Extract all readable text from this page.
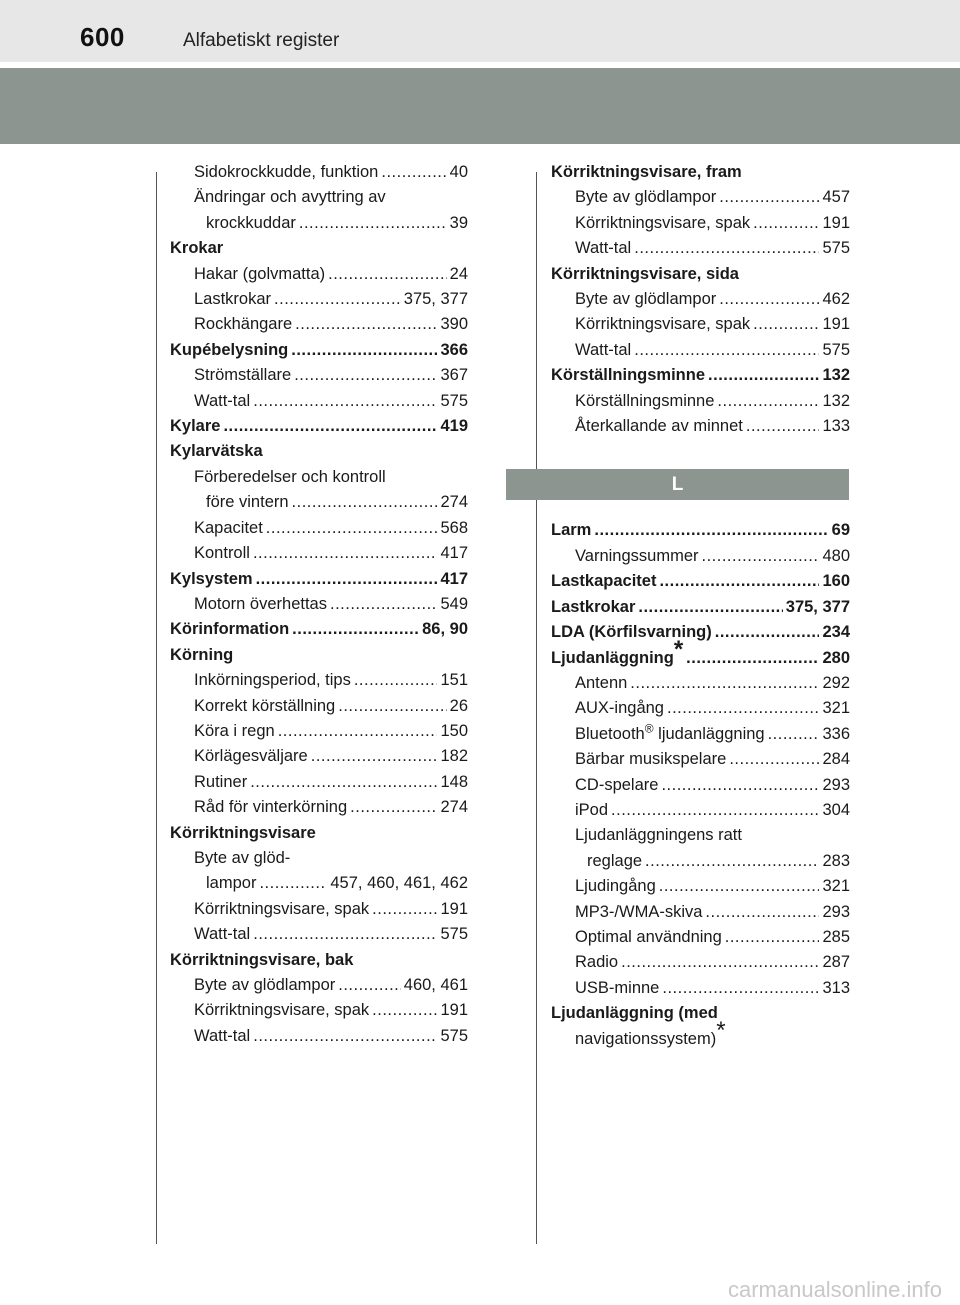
600	Alfabetiskt register
Sidokrockkudde, funktion .....	40
Ändringar och avyttring av
krockkuddar .....	39
Krokar
Hakar (golvmatta) .....	24
Lastkrokar .....	375, 377
Rockhängare .....	390
Kupébelysning .....	366
Strömställare .....	367
Watt-tal .....	575
Kylare .....	419
Kylarvätska
Förberedelser och kontroll
före vintern .....	274
Kapacitet .....	568
Kontroll .....	417
Kylsystem .....	417
Motorn överhettas .....	549
Körinformation .....	86, 90
Körning
Inkörningsperiod, tips .....	151
Korrekt körställning .....	26
Köra i regn .....	150
Körlägesväljare .....	182
Rutiner .....	148
Råd för vinterkörning .....	274
Körriktningsvisare
Byte av glöd-
lampor .....	457, 460, 461, 462
Körriktningsvisare, spak .....	191
Watt-tal .....	575
Körriktningsvisare, bak
Byte av glödlampor .....	460, 461
Körriktningsvisare, spak .....	191
Watt-tal .....	575
Körriktningsvisare, fram
Byte av glödlampor .....	457
Körriktningsvisare, spak .....	191
Watt-tal .....	575
Körriktningsvisare, sida
Byte av glödlampor .....	462
Körriktningsvisare, spak .....	191
Watt-tal .....	575
Körställningsminne .....	132
Körställningsminne .....	132
Återkallande av minnet .....	133
L
Larm .....	69
Varningssummer .....	480
Lastkapacitet .....	160
Lastkrokar .....	375, 377
LDA (Körfilsvarning) .....	234
Ljudanläggning* .....	280
Antenn .....	292
AUX-ingång .....	321
Bluetooth® ljudanläggning .....	336
Bärbar musikspelare .....	284
CD-spelare .....	293
iPod .....	304
Ljudanläggningens ratt
reglage .....	283
Ljudingång .....	321
MP3-/WMA-skiva .....	293
Optimal användning .....	285
Radio .....	287
USB-minne .....	313
Ljudanläggning (med
navigationssystem)*
carmanualsonline.info
